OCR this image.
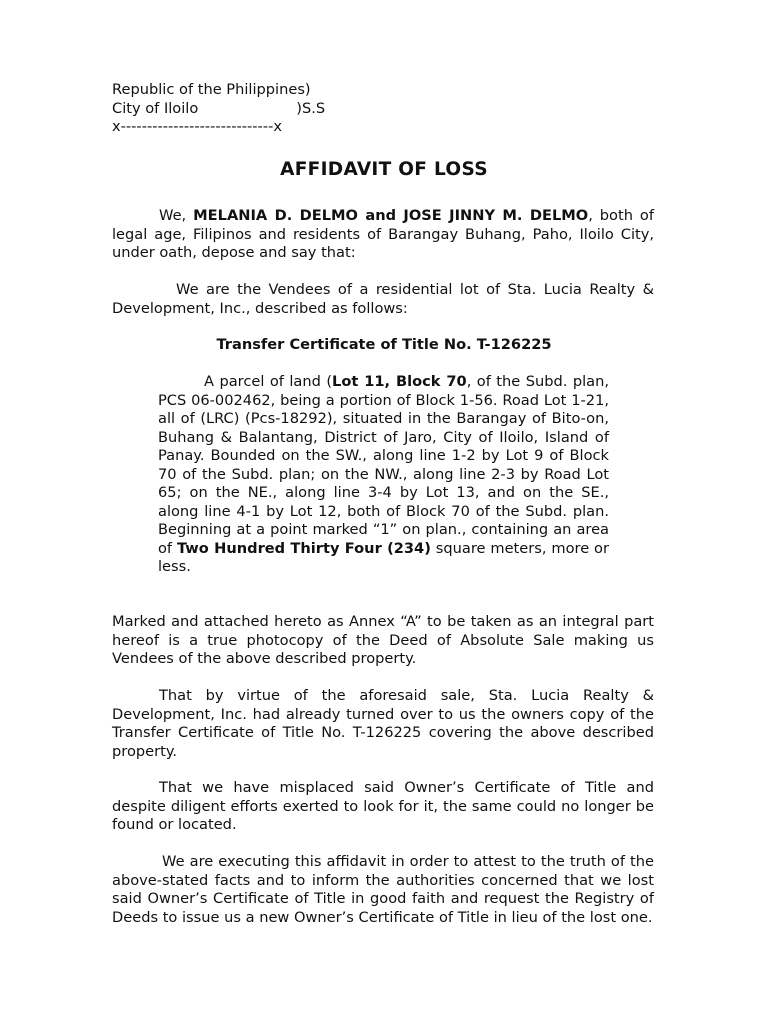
Republic of the Philippines)
City of Iloilo	)S.S
x-----------------------------x
AFFIDAVIT OF LOSS

We, MELANIA D. DELMO and JOSE JINNY M. DELMO, both of legal age, Filipinos and residents of Barangay Buhang, Paho, Iloilo City, under oath, depose and say that:

We are the Vendees of a residential lot of Sta. Lucia Realty & Development, Inc., described as follows:

Transfer Certificate of Title No. T-126225

A parcel of land (Lot 11, Block 70, of the Subd. plan, PCS 06-002462, being a portion of Block 1-56. Road Lot 1-21, all of (LRC) (Pcs-18292), situated in the Barangay of Bito-on, Buhang & Balantang, District of Jaro, City of Iloilo, Island of Panay. Bounded on the SW., along line 1-2 by Lot 9 of Block 70 of the Subd. plan; on the NW., along line 2-3 by Road Lot 65; on the NE., along line 3-4 by Lot 13, and on the SE., along line 4-1 by Lot 12, both of Block 70 of the Subd. plan. Beginning at a point marked “1” on plan., containing an area of Two Hundred Thirty Four (234) square meters, more or less.

Marked and attached hereto as Annex “A” to be taken as an integral part hereof is a true photocopy of the Deed of Absolute Sale making us Vendees of the above described property.

That by virtue of the aforesaid sale, Sta. Lucia Realty & Development, Inc. had already turned over to us the owners copy of the Transfer Certificate of Title No. T-126225 covering the above described property.

That we have misplaced said Owner’s Certificate of Title and despite diligent efforts exerted to look for it, the same could no longer be found or located.

We are executing this affidavit in order to attest to the truth of the above-stated facts and to inform the authorities concerned that we lost said Owner’s Certificate of Title in good faith and request the Registry of Deeds to issue us a new Owner’s Certificate of Title in lieu of the lost one.
